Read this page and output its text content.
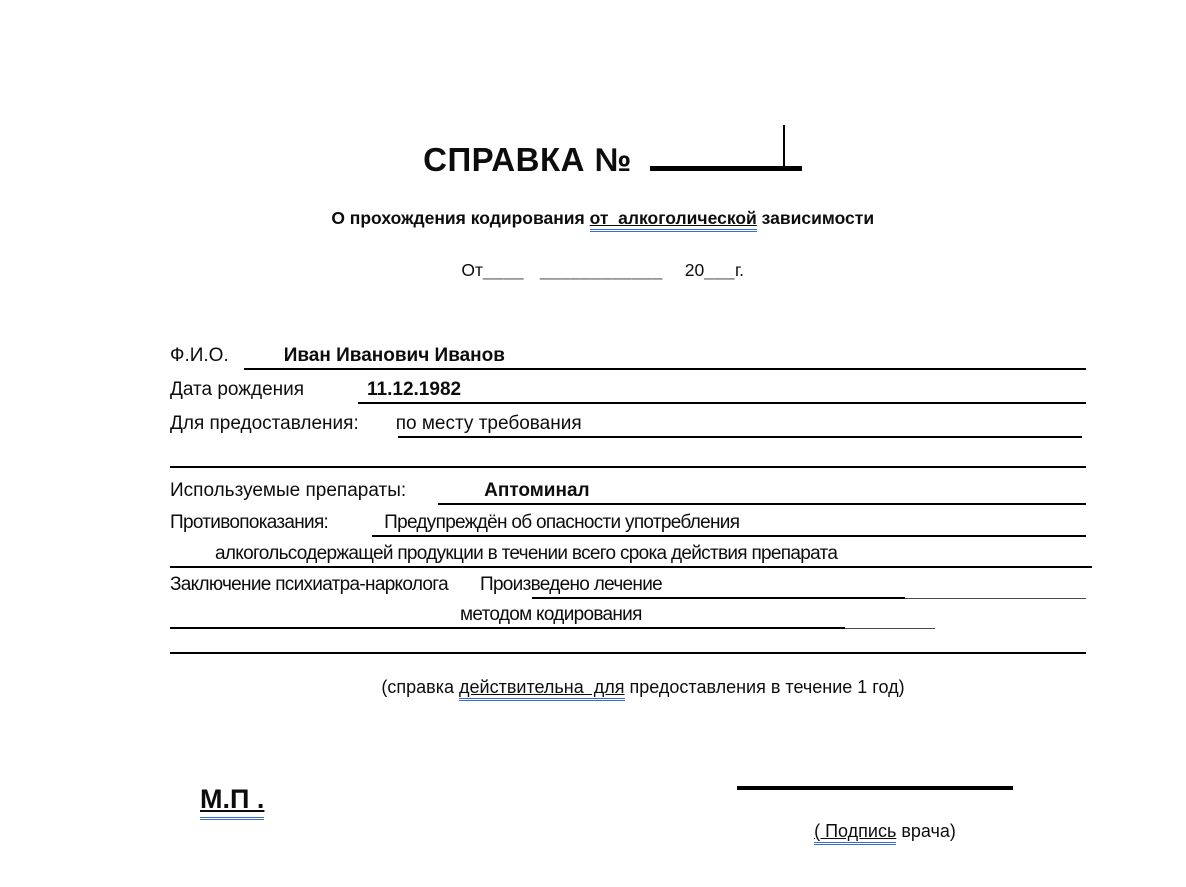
СПРАВКА №

О прохождения кодирования от  алкоголической зависимости

От____ ____________ 20___г.

Ф.И.О.	Иван Иванович Иванов
Дата рождения	11.12.1982
Для предоставления: по месту требования
Используемые препараты:	Аптоминал
Противопоказания:	Предупреждён об опасности употребления
алкогольсодержащей продукции в течении всего срока действия препарата
Заключение психиатра-нарколога Произведено лечение
методом кодирования

(справка действительна  для предоставления в течение 1 год)

М.П .

( Подпись врача)
